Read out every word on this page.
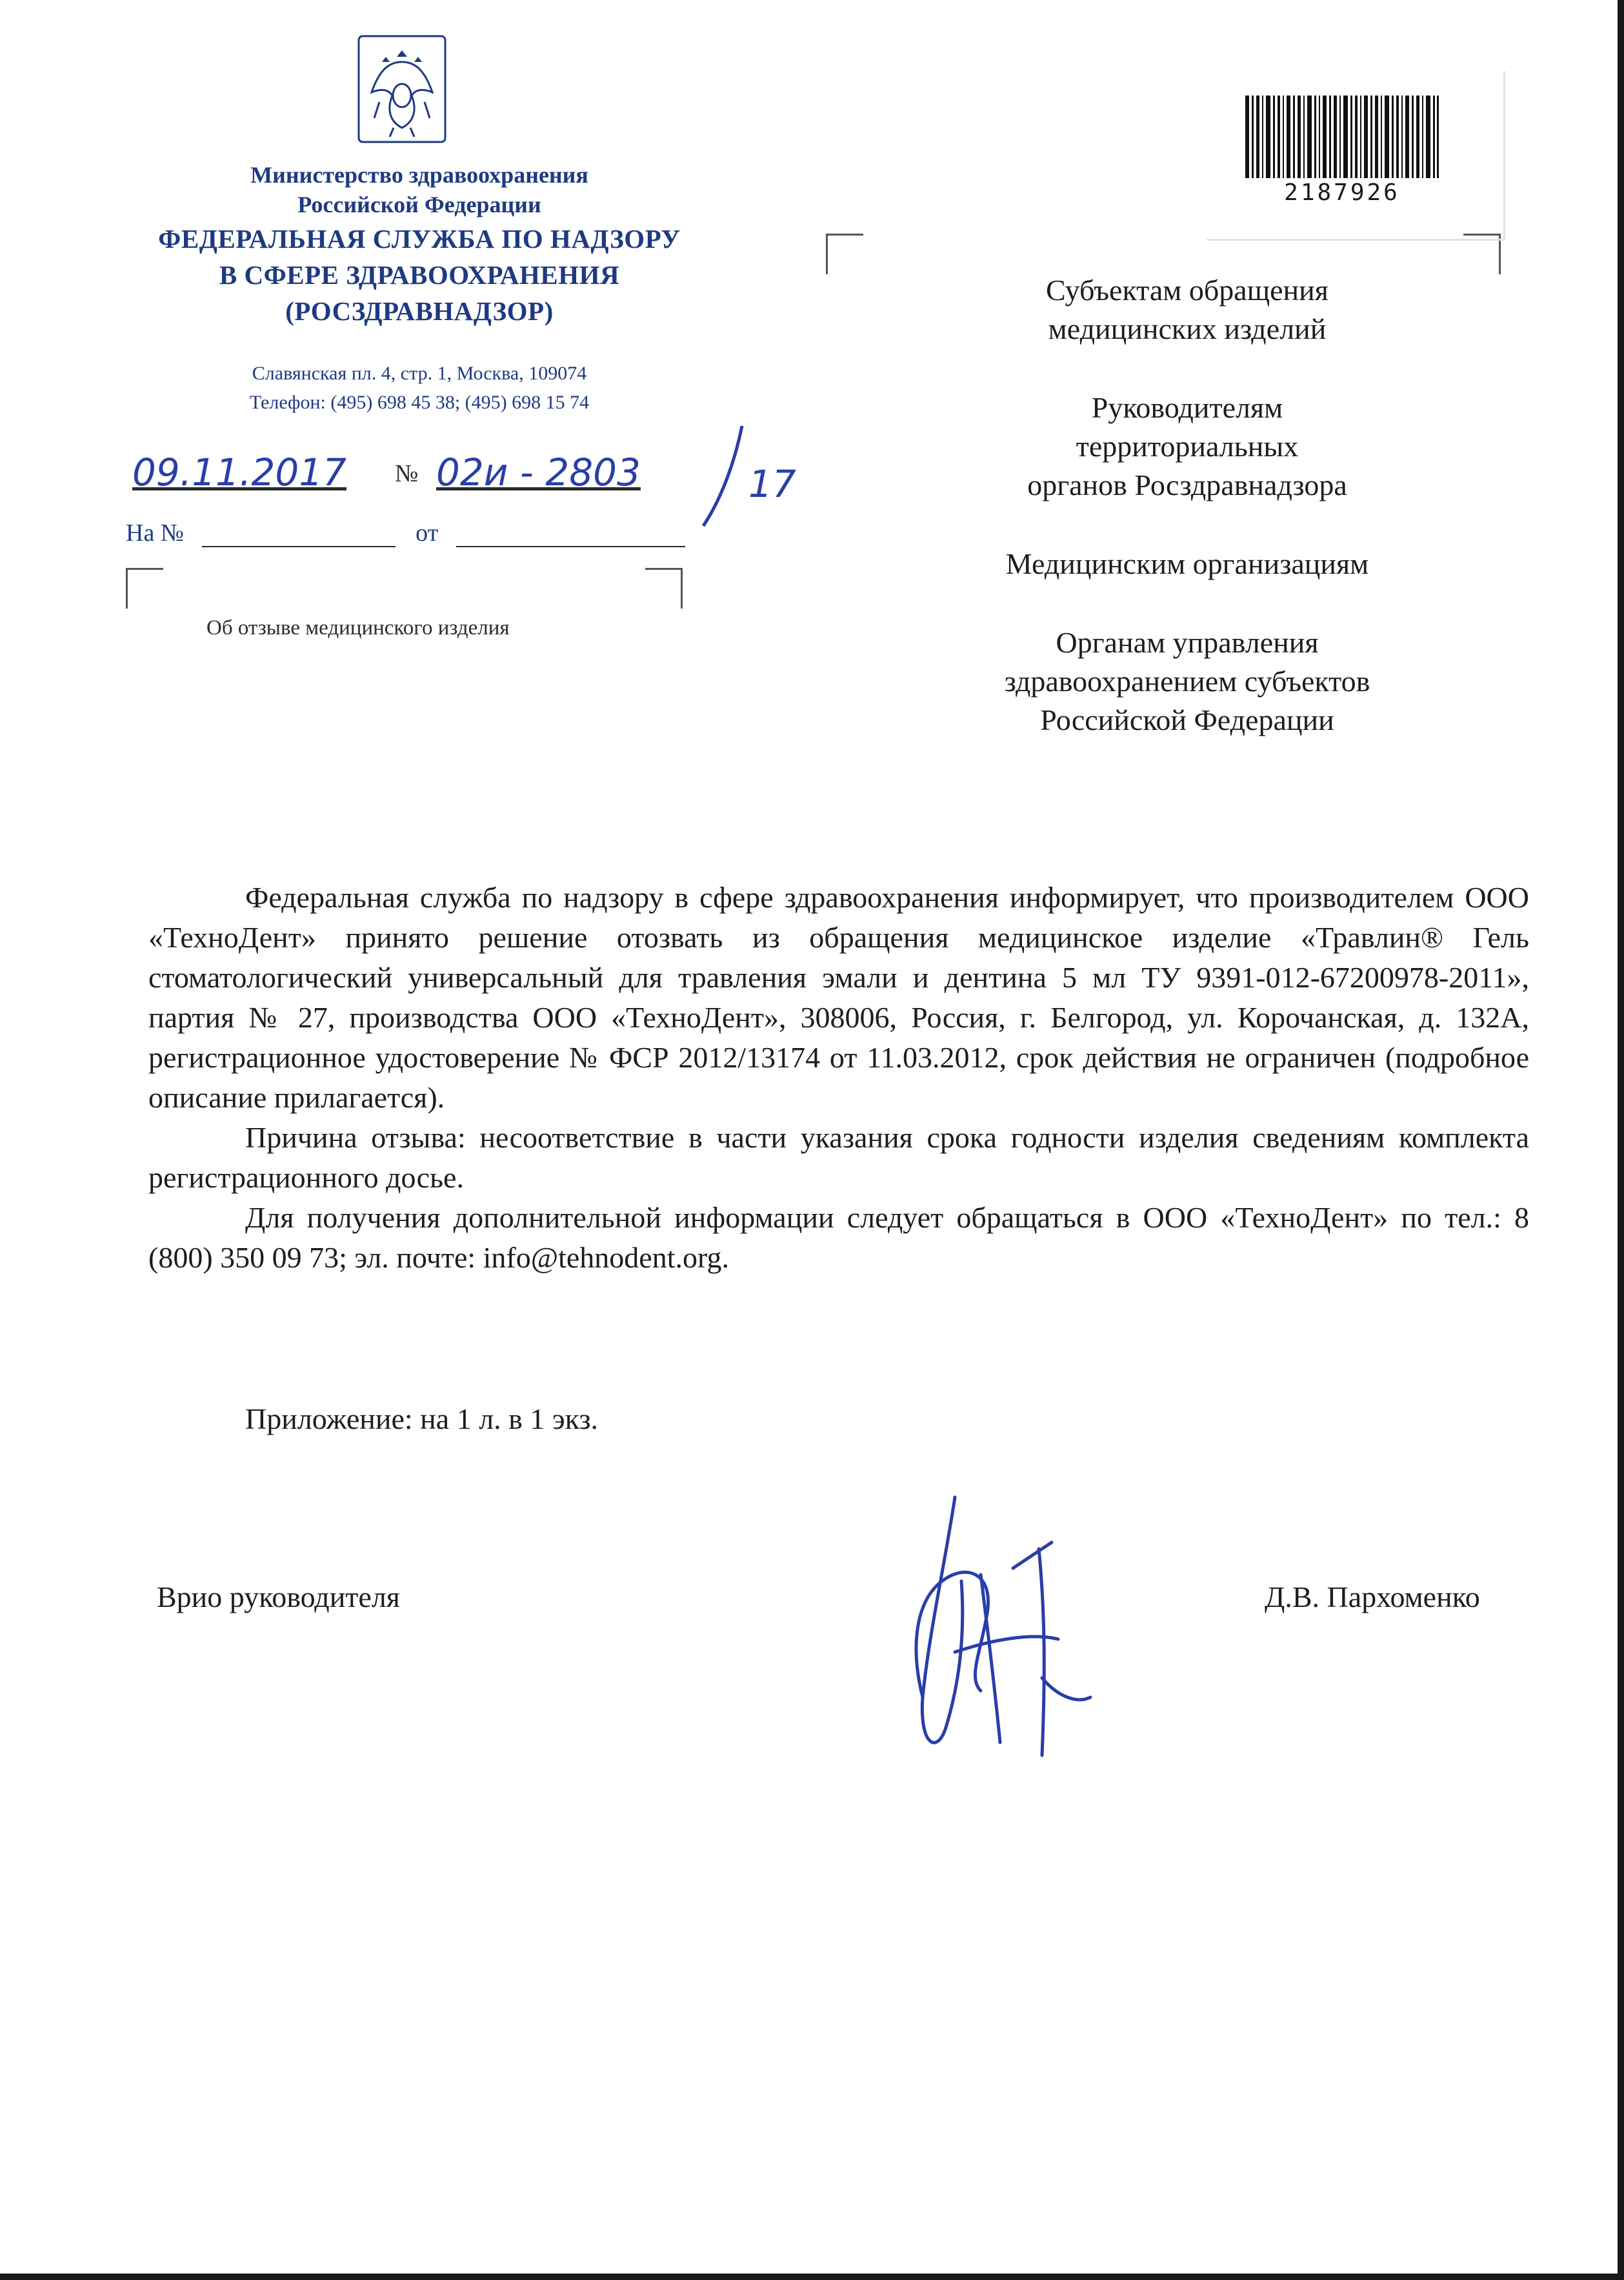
Министерство здравоохранения
Российской Федерации
ФЕДЕРАЛЬНАЯ СЛУЖБА ПО НАДЗОРУ
В СФЕРЕ ЗДРАВООХРАНЕНИЯ
(РОСЗДРАВНАДЗОР)
Славянская пл. 4, стр. 1, Москва, 109074
Телефон: (495) 698 45 38; (495) 698 15 74
09.11.2017 № 02и - 2803	17
На №	от
Об отзыве медицинского изделия
2187926
Субъектам обращения
медицинских изделий
Руководителям
территориальных
органов Росздравнадзора
Медицинским организациям
Органам управления
здравоохранением субъектов
Российской Федерации

Федеральная служба по надзору в сфере здравоохранения информирует, что производителем ООО «ТехноДент» принято решение отозвать из обращения медицинское изделие «Травлин® Гель стоматологический универсальный для травления эмали и дентина 5 мл ТУ 9391-012-67200978-2011», партия № 27, производства ООО «ТехноДент», 308006, Россия, г. Белгород, ул. Корочанская, д. 132А, регистрационное удостоверение № ФСР 2012/13174 от 11.03.2012, срок действия не ограничен (подробное описание прилагается).

Причина отзыва: несоответствие в части указания срока годности изделия сведениям комплекта регистрационного досье.

Для получения дополнительной информации следует обращаться в ООО «ТехноДент» по тел.: 8 (800) 350 09 73; эл. почте: info@tehnodent.org.

Приложение: на 1 л. в 1 экз.
Врио руководителя	Д.В. Пархоменко
